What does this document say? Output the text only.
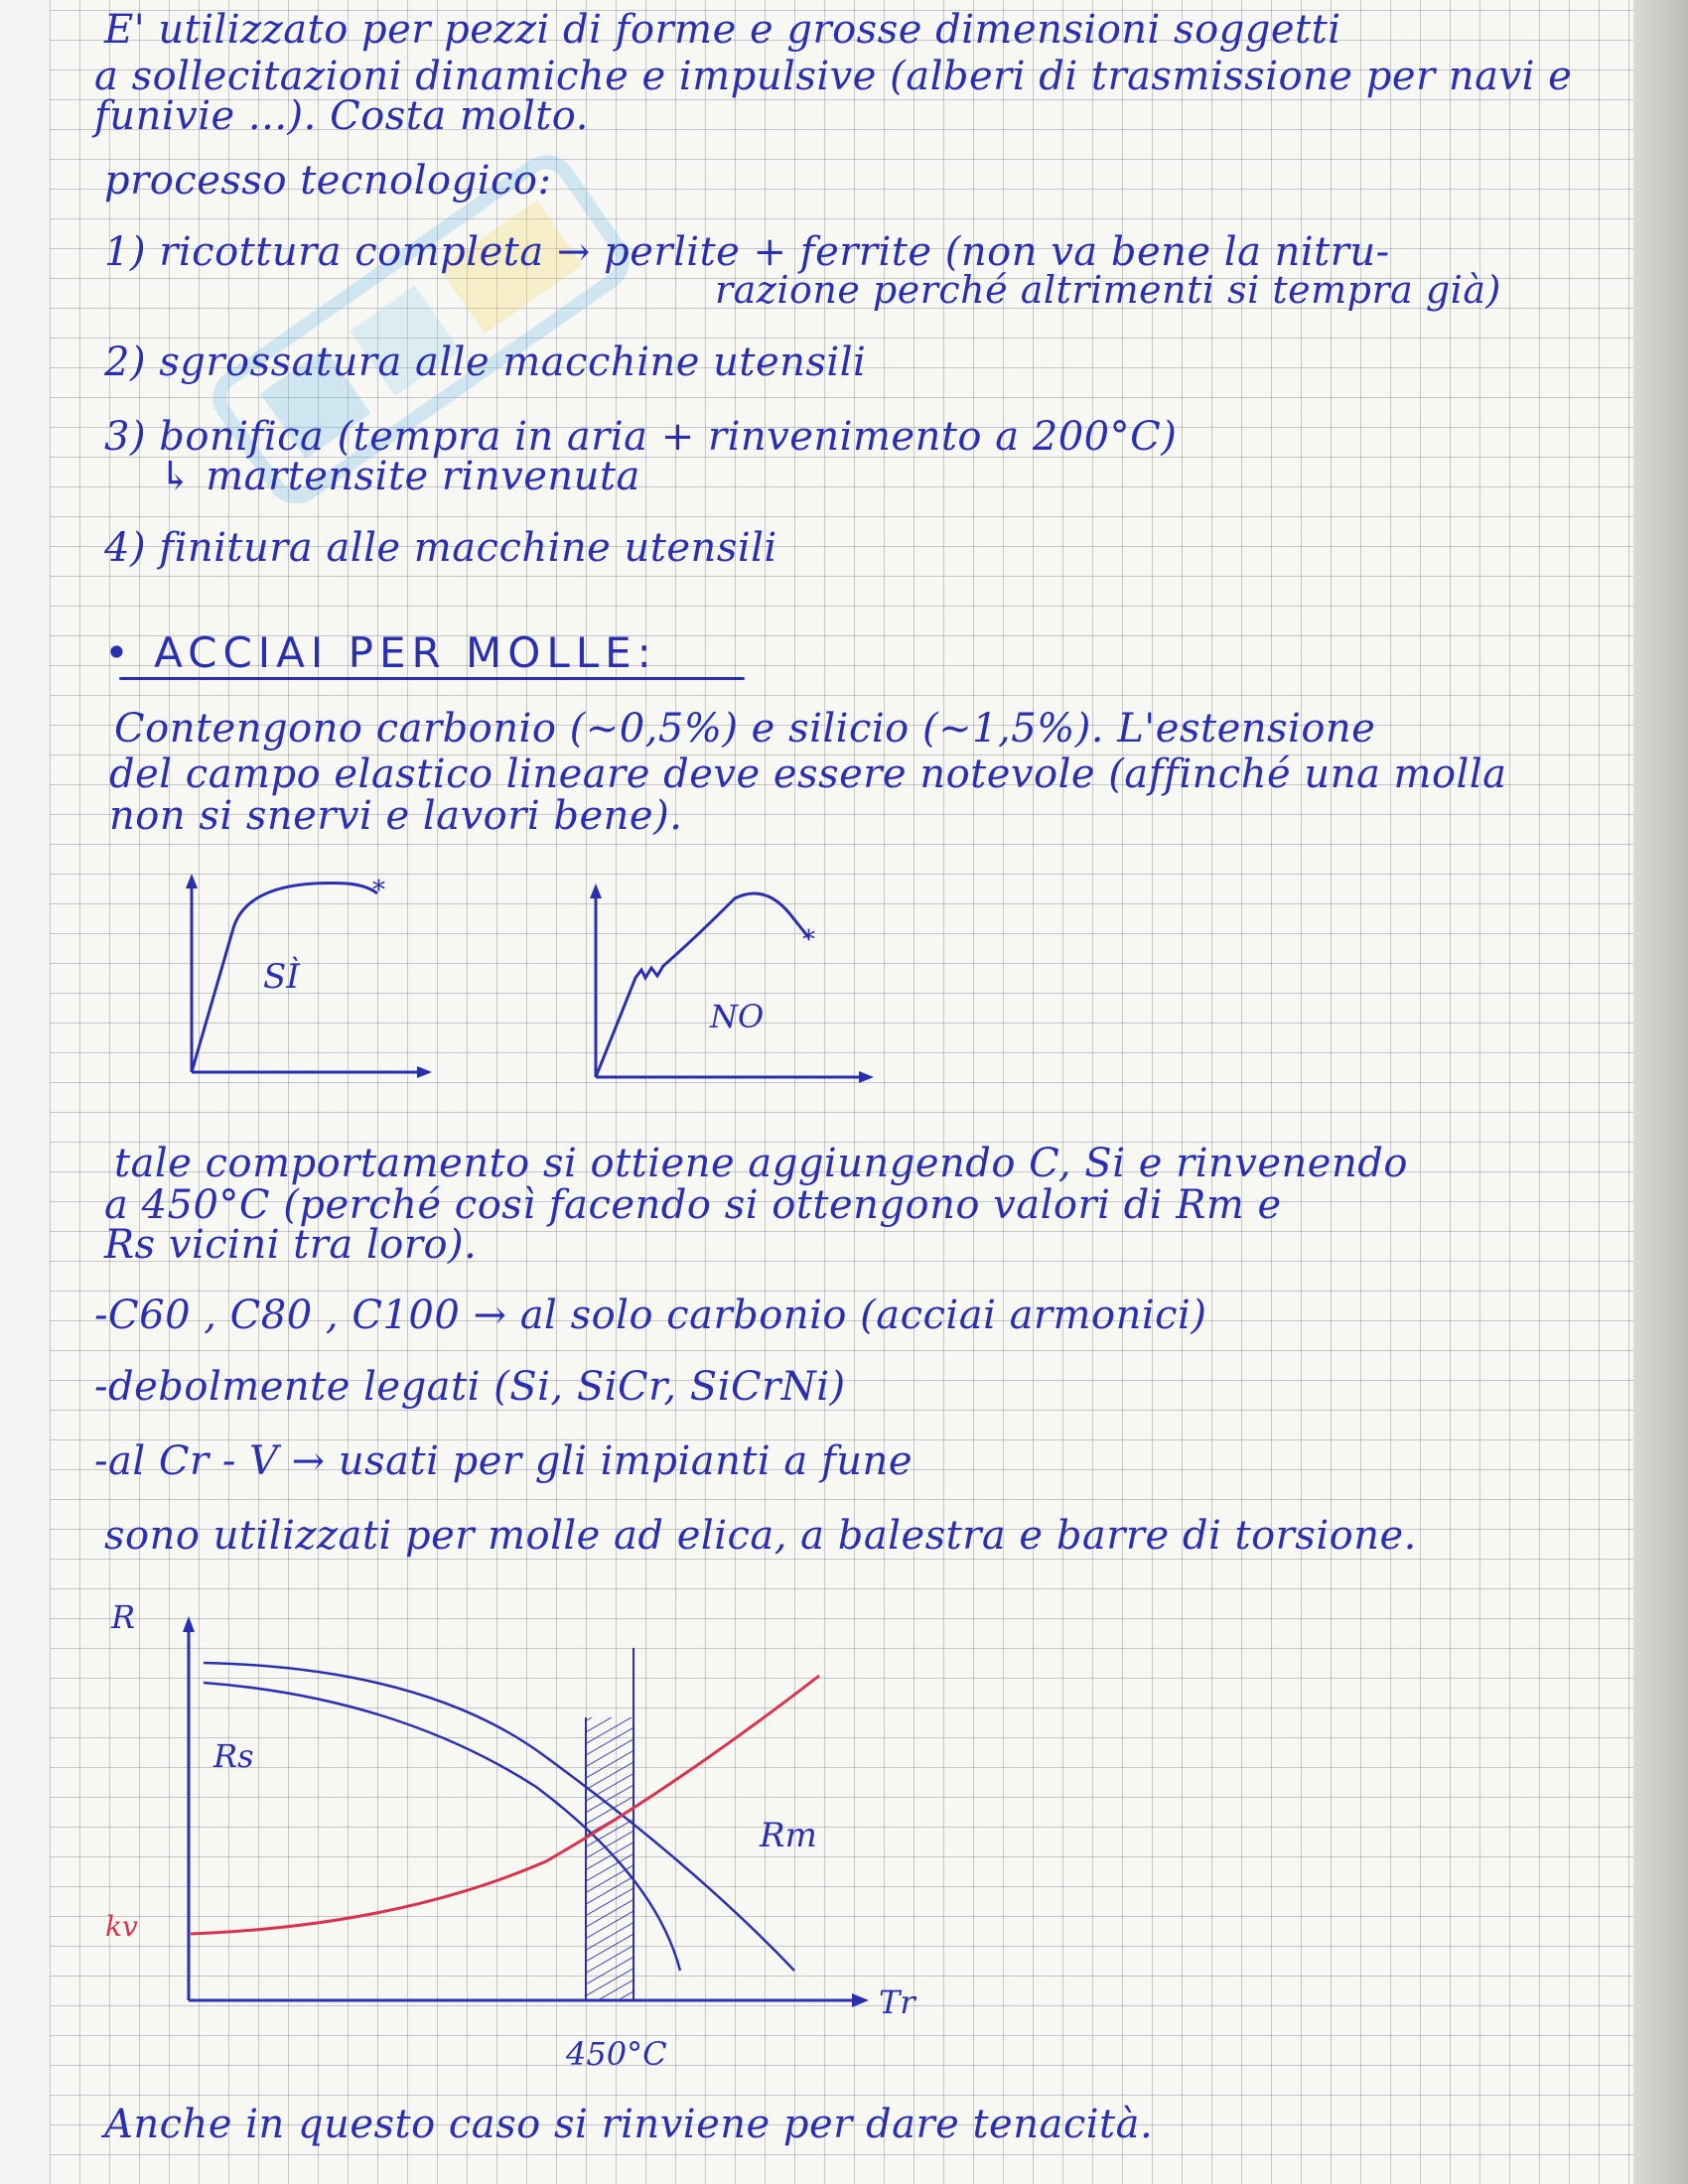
E' utilizzato per pezzi di forme e grosse dimensioni soggetti
a sollecitazioni dinamiche e impulsive (alberi di trasmissione per navi e
funivie ...). Costa molto.
processo tecnologico:
1) ricottura completa → perlite + ferrite (non va bene la nitru-
razione perché altrimenti si tempra già)
2) sgrossatura alle macchine utensili
3) bonifica (tempra in aria + rinvenimento a 200°C)
↳ martensite rinvenuta
4) finitura alle macchine utensili
• ACCIAI PER MOLLE:
Contengono carbonio (~0,5%) e silicio (~1,5%). L'estensione
del campo elastico lineare deve essere notevole (affinché una molla
non si snervi e lavori bene).
*
SÌ
*
NO
tale comportamento si ottiene aggiungendo C, Si e rinvenendo
a 450°C (perché così facendo si ottengono valori di Rm e
Rs vicini tra loro).
-C60 , C80 , C100 → al solo carbonio (acciai armonici)
-debolmente legati (Si, SiCr, SiCrNi)
-al Cr - V → usati per gli impianti a fune
sono utilizzati per molle ad elica, a balestra e barre di torsione.
R
Tr
Rs
Rm
kv
450°C
Anche in questo caso si rinviene per dare tenacità.
